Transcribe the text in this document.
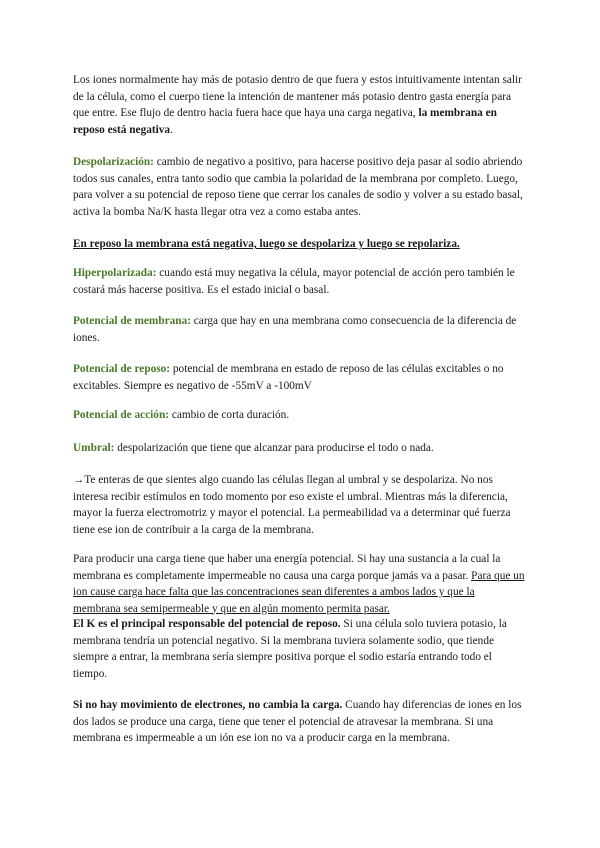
Los iones normalmente hay más de potasio dentro de que fuera y estos intuitivamente intentan salir de la célula, como el cuerpo tiene la intención de mantener más potasio dentro gasta energía para que entre. Ese flujo de dentro hacia fuera hace que haya una carga negativa, la membrana en reposo está negativa.

Despolarización: cambio de negativo a positivo, para hacerse positivo deja pasar al sodio abriendo todos sus canales, entra tanto sodio que cambia la polaridad de la membrana por completo. Luego, para volver a su potencial de reposo tiene que cerrar los canales de sodio y volver a su estado basal, activa la bomba Na/K hasta llegar otra vez a como estaba antes.

En reposo la membrana está negativa, luego se despolariza y luego se repolariza.

Hiperpolarizada: cuando está muy negativa la célula, mayor potencial de acción pero también le costará más hacerse positiva. Es el estado inicial o basal.

Potencial de membrana: carga que hay en una membrana como consecuencia de la diferencia de iones.

Potencial de reposo: potencial de membrana en estado de reposo de las células excitables o no excitables. Siempre es negativo de -55mV a -100mV

Potencial de acción: cambio de corta duración.

Umbral: despolarización que tiene que alcanzar para producirse el todo o nada.

→Te enteras de que sientes algo cuando las células llegan al umbral y se despolariza. No nos interesa recibir estímulos en todo momento por eso existe el umbral. Mientras más la diferencia, mayor la fuerza electromotriz y mayor el potencial. La permeabilidad va a determinar qué fuerza tiene ese ion de contribuir a la carga de la membrana.

Para producir una carga tiene que haber una energía potencial. Si hay una sustancia a la cual la membrana es completamente impermeable no causa una carga porque jamás va a pasar. Para que un ion cause carga hace falta que las concentraciones sean diferentes a ambos lados y que la membrana sea semipermeable y que en algún momento permita pasar.

El K es el principal responsable del potencial de reposo. Si una célula solo tuviera potasio, la membrana tendría un potencial negativo. Si la membrana tuviera solamente sodio, que tiende siempre a entrar, la membrana sería siempre positiva porque el sodio estaría entrando todo el tiempo.

Si no hay movimiento de electrones, no cambia la carga. Cuando hay diferencias de iones en los dos lados se produce una carga, tiene que tener el potencial de atravesar la membrana. Si una membrana es impermeable a un ión ese ion no va a producir carga en la membrana.
